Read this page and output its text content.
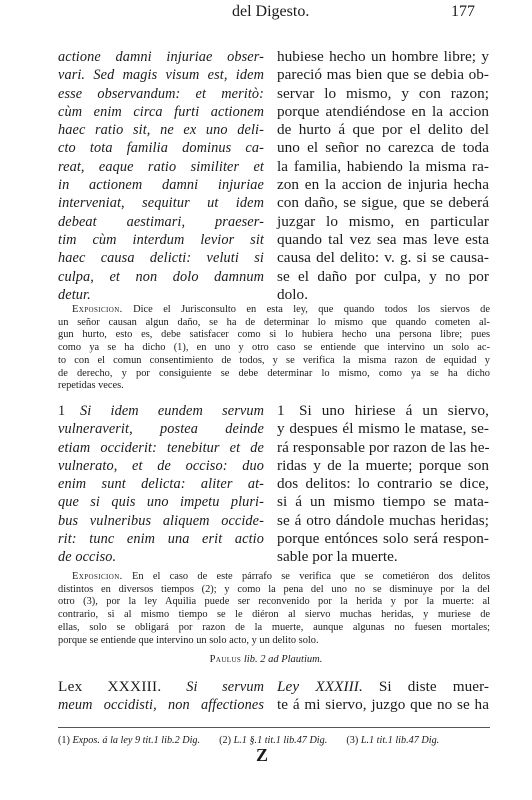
del Digesto.	177
actione damni injuriae obser-
vari. Sed magis visum est, idem
esse observandum: et meritò:
cùm enim circa furti actionem
haec ratio sit, ne ex uno deli-
cto tota familia dominus ca-
reat, eaque ratio similiter et
in actionem damni injuriae
interveniat, sequitur ut idem
debeat aestimari, praeser-
tim cùm interdum levior sit
haec causa delicti: veluti si
culpa, et non dolo damnum
detur.
hubiese hecho un hombre libre; y
pareció mas bien que se debia ob-
servar lo mismo, y con razon;
porque atendiéndose en la accion
de hurto á que por el delito del
uno el señor no carezca de toda
la familia, habiendo la misma ra-
zon en la accion de injuria hecha
con daño, se sigue, que se deberá
juzgar lo mismo, en particular
quando tal vez sea mas leve esta
causa del delito: v. g. si se causa-
se el daño por culpa, y no por
dolo.
Exposicion. Dice el Jurisconsulto en esta ley, que quando todos los siervos de
un señor causan algun daño, se ha de determinar lo mismo que quando cometen al-
gun hurto, esto es, debe satisfacer como si lo hubiera hecho una persona libre; pues
como ya se ha dicho (1), en uno y otro caso se entiende que intervino un solo ac-
to con el comun consentimiento de todos, y se verifica la misma razon de equidad y
de derecho, y por consiguiente se debe determinar lo mismo, como ya se ha dicho
repetidas veces.
1 Si idem eundem servum
vulneraverit, postea deinde
etiam occiderit: tenebitur et de
vulnerato, et de occiso: duo
enim sunt delicta: aliter at-
que si quis uno impetu pluri-
bus vulneribus aliquem occide-
rit: tunc enim una erit actio
de occiso.
1 Si uno hiriese á un siervo,
y despues él mismo le matase, se-
rá responsable por razon de las he-
ridas y de la muerte; porque son
dos delitos: lo contrario se dice,
si á un mismo tiempo se mata-
se á otro dándole muchas heridas;
porque entónces solo será respon-
sable por la muerte.
Exposicion. En el caso de este párrafo se verifica que se cometiéron dos delitos
distintos en diversos tiempos (2); y como la pena del uno no se disminuye por la del
otro (3), por la ley Aquilia puede ser reconvenido por la herida y por la muerte: al
contrario, si al mismo tiempo se le diéron al siervo muchas heridas, y muriese de
ellas, solo se obligará por razon de la muerte, aunque algunas no fuesen mortales;
porque se entiende que intervino un solo acto, y un delito solo.
Paulus lib. 2 ad Plautium.
Lex XXXIII. Si servum
meum occidisti, non affectiones
Ley XXXIII. Si diste muer-
te á mi siervo, juzgo que no se ha
(1) Expos. á la ley 9 tit.1 lib.2 Dig. (2) L.1 §.1 tit.1 lib.47 Dig. (3) L.1 tit.1 lib.47 Dig.
Z
